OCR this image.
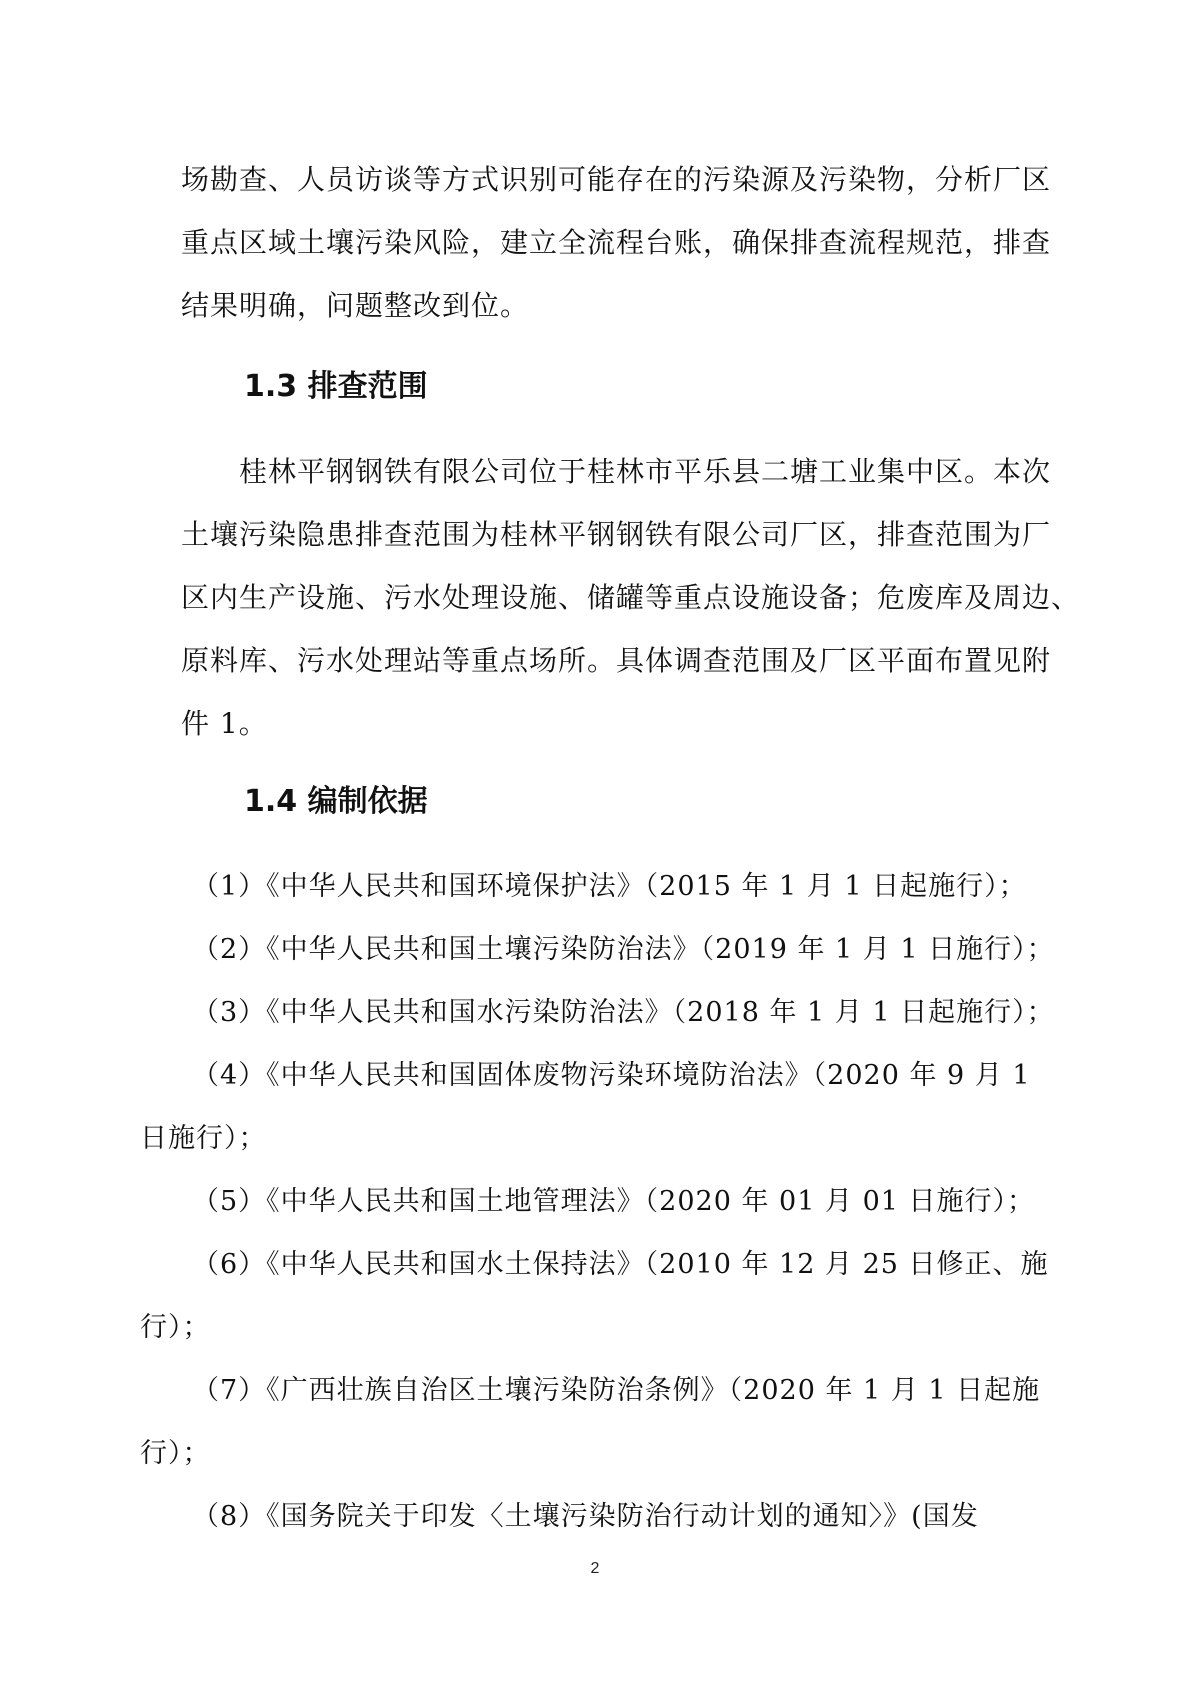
场勘查、人员访谈等方式识别可能存在的污染源及污染物，分析厂区
重点区域土壤污染风险，建立全流程台账，确保排查流程规范，排查
结果明确，问题整改到位。
1.3 排查范围
桂林平钢钢铁有限公司位于桂林市平乐县二塘工业集中区。本次
土壤污染隐患排查范围为桂林平钢钢铁有限公司厂区，排查范围为厂
区内生产设施、污水处理设施、储罐等重点设施设备；危废库及周边、
原料库、污水处理站等重点场所。具体调查范围及厂区平面布置见附
件 1。
1.4 编制依据
（1）《中华人民共和国环境保护法》（2015 年 1 月 1 日起施行）；
（2）《中华人民共和国土壤污染防治法》（2019 年 1 月 1 日施行）；
（3）《中华人民共和国水污染防治法》（2018 年 1 月 1 日起施行）；
（4）《中华人民共和国固体废物污染环境防治法》（2020 年 9 月 1
日施行）；
（5）《中华人民共和国土地管理法》（2020 年 01 月 01 日施行）；
（6）《中华人民共和国水土保持法》（2010 年 12 月 25 日修正、施
行）；
（7）《广西壮族自治区土壤污染防治条例》（2020 年 1 月 1 日起施
行）；
（8）《国务院关于印发〈土壤污染防治行动计划的通知〉》(国发
2
